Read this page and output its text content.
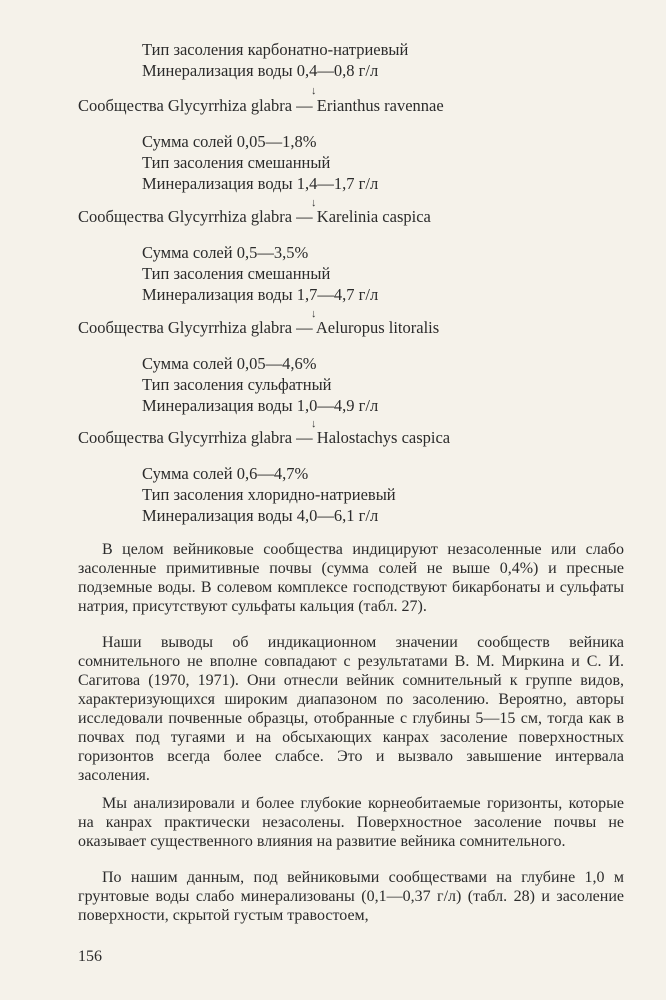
Тип засоления карбонатно-натриевый
Минерализация воды 0,4—0,8 г/л
↓
Сообщества Glycyrrhiza glabra — Erianthus ravennae
Сумма солей 0,05—1,8%
Тип засоления смешанный
Минерализация воды 1,4—1,7 г/л
↓
Сообщества Glycyrrhiza glabra — Karelinia caspica
Сумма солей 0,5—3,5%
Тип засоления смешанный
Минерализация воды 1,7—4,7 г/л
↓
Сообщества Glycyrrhiza glabra — Aeluropus litoralis
Сумма солей 0,05—4,6%
Тип засоления сульфатный
Минерализация воды 1,0—4,9 г/л
↓
Сообщества Glycyrrhiza glabra — Halostachys caspica
Сумма солей 0,6—4,7%
Тип засоления хлоридно-натриевый
Минерализация воды 4,0—6,1 г/л

В целом вейниковые сообщества индицируют незасоленные или слабо засоленные примитивные почвы (сумма солей не выше 0,4%) и пресные подземные воды. В солевом комплексе господствуют бикарбонаты и сульфаты натрия, присутствуют сульфаты кальция (табл. 27).

Наши выводы об индикационном значении сообществ вейника сомнительного не вполне совпадают с результатами В. М. Миркина и С. И. Сагитова (1970, 1971). Они отнесли вейник сомнительный к группе видов, характеризующихся широким диапазоном по засолению. Вероятно, авторы исследовали почвенные образцы, отобранные с глубины 5—15 см, тогда как в почвах под тугаями и на обсыхающих канрах засоление поверхностных горизонтов всегда более слабсе. Это и вызвало завышение интервала засоления.

Мы анализировали и более глубокие корнеобитаемые горизонты, которые на канрах практически незасолены. Поверхностное засоление почвы не оказывает существенного влияния на развитие вейника сомнительного.

По нашим данным, под вейниковыми сообществами на глубине 1,0 м грунтовые воды слабо минерализованы (0,1—0,37 г/л) (табл. 28) и засоление поверхности, скрытой густым травостоем,

156
